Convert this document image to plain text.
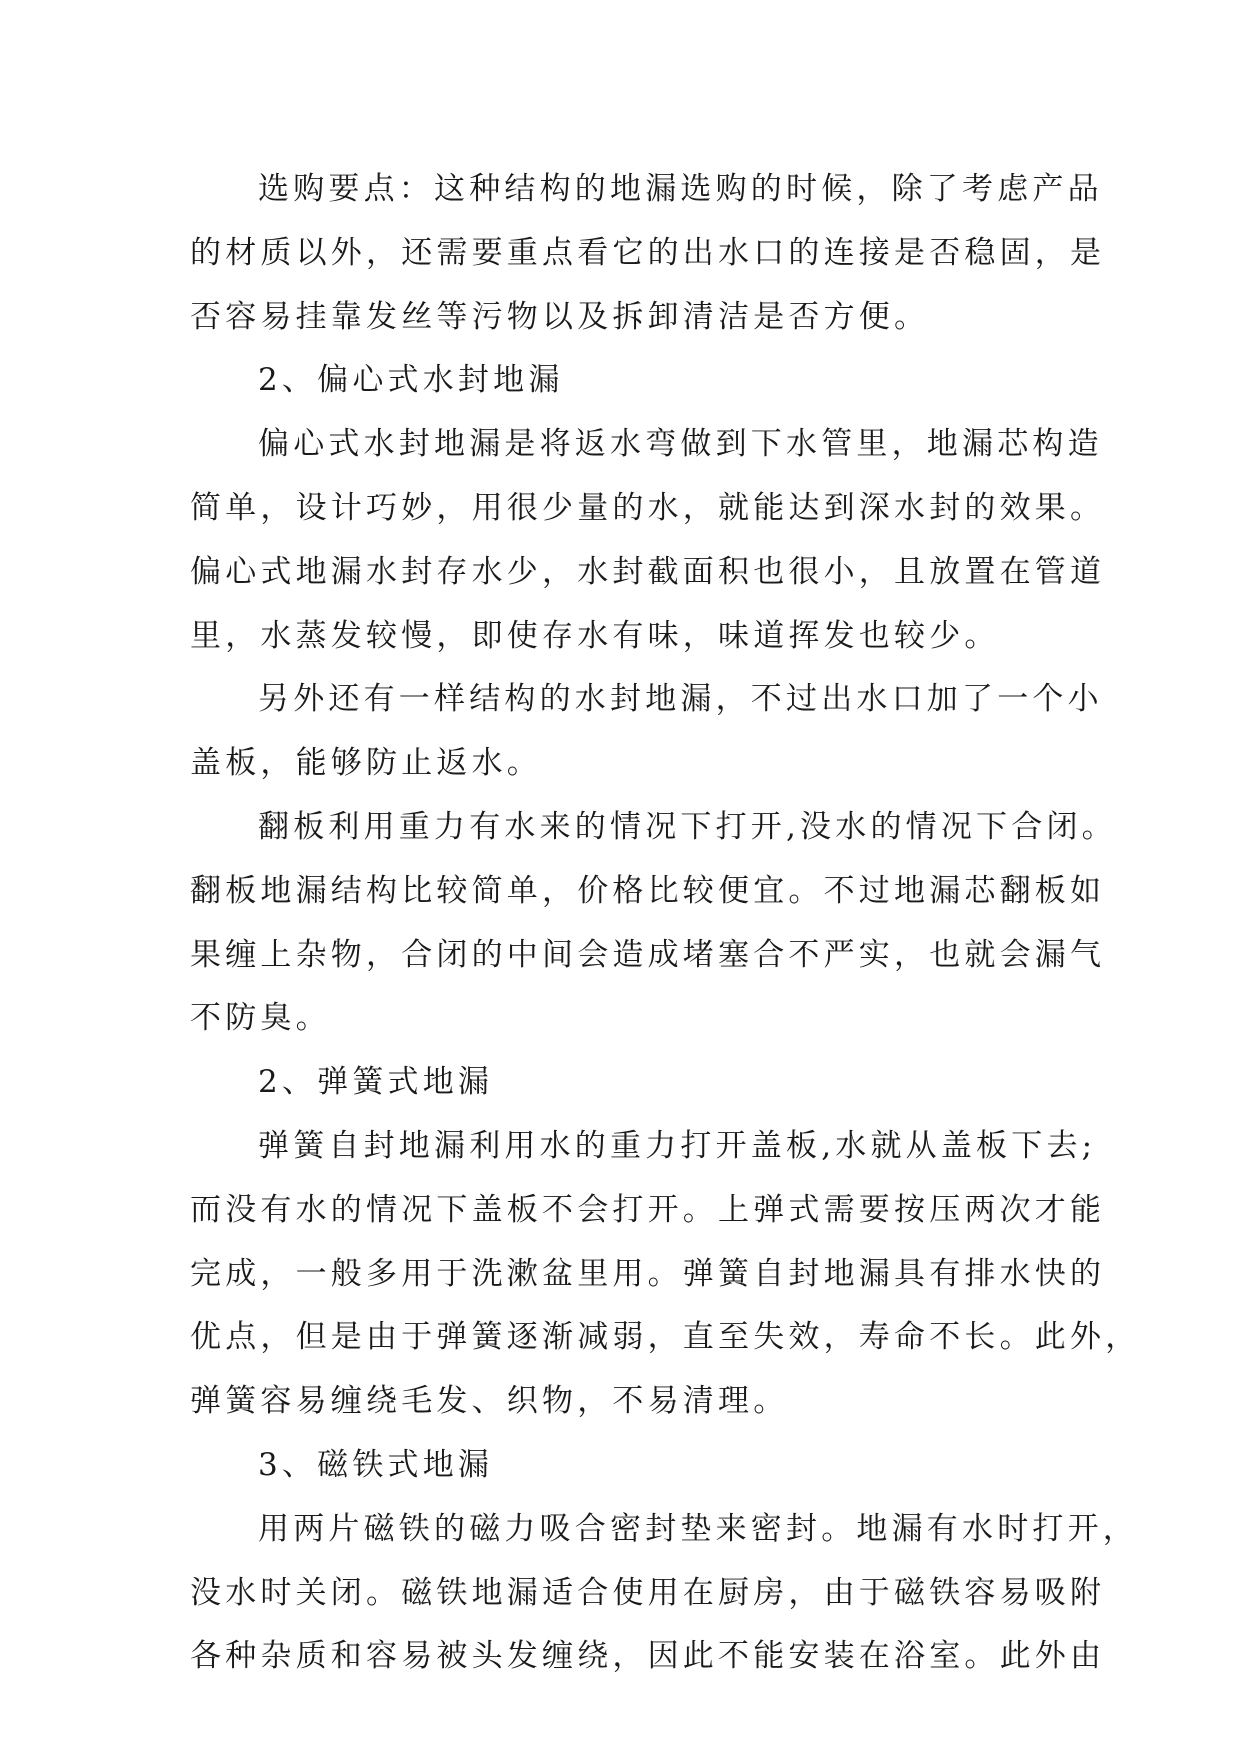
选购要点：这种结构的地漏选购的时候，除了考虑产品
的材质以外，还需要重点看它的出水口的连接是否稳固，是
否容易挂靠发丝等污物以及拆卸清洁是否方便。
2、偏心式水封地漏
偏心式水封地漏是将返水弯做到下水管里，地漏芯构造
简单，设计巧妙，用很少量的水，就能达到深水封的效果。
偏心式地漏水封存水少，水封截面积也很小，且放置在管道
里，水蒸发较慢，即使存水有味，味道挥发也较少。
另外还有一样结构的水封地漏，不过出水口加了一个小
盖板，能够防止返水。
翻板利用重力有水来的情况下打开,没水的情况下合闭。
翻板地漏结构比较简单，价格比较便宜。不过地漏芯翻板如
果缠上杂物，合闭的中间会造成堵塞合不严实，也就会漏气
不防臭。
2、弹簧式地漏
弹簧自封地漏利用水的重力打开盖板,水就从盖板下去;
而没有水的情况下盖板不会打开。上弹式需要按压两次才能
完成，一般多用于洗漱盆里用。弹簧自封地漏具有排水快的
优点，但是由于弹簧逐渐减弱，直至失效，寿命不长。此外，
弹簧容易缠绕毛发、织物，不易清理。
3、磁铁式地漏
用两片磁铁的磁力吸合密封垫来密封。地漏有水时打开，
没水时关闭。磁铁地漏适合使用在厨房，由于磁铁容易吸附
各种杂质和容易被头发缠绕，因此不能安装在浴室。此外由
